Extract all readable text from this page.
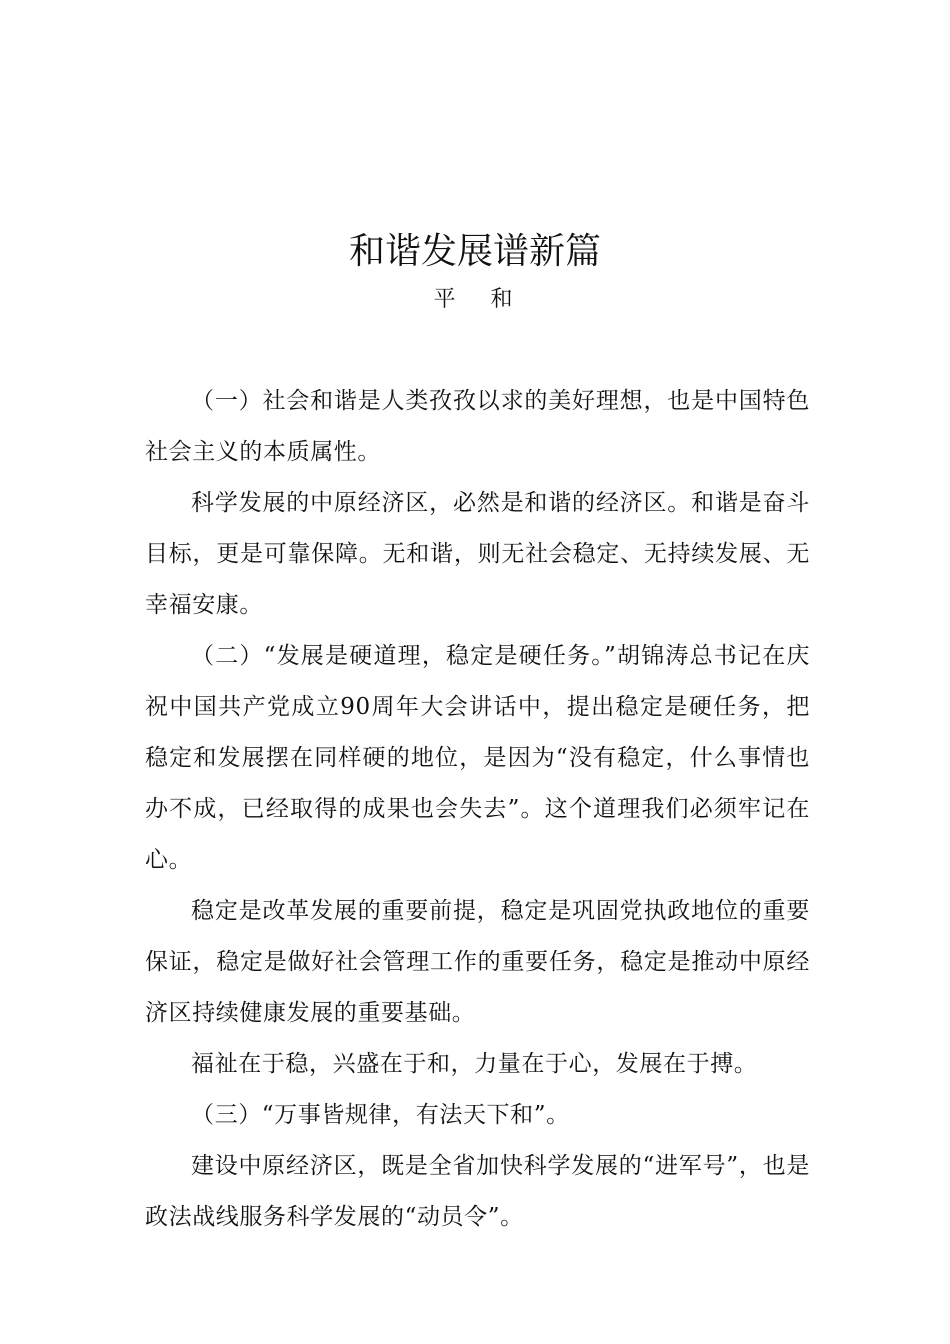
和谐发展谱新篇
平 和

（一）社会和谐是人类孜孜以求的美好理想，也是中国特色社会主义的本质属性。

科学发展的中原经济区，必然是和谐的经济区。和谐是奋斗目标，更是可靠保障。无和谐，则无社会稳定、无持续发展、无幸福安康。

（二）“发展是硬道理，稳定是硬任务。”胡锦涛总书记在庆祝中国共产党成立90周年大会讲话中，提出稳定是硬任务，把稳定和发展摆在同样硬的地位，是因为“没有稳定，什么事情也办不成，已经取得的成果也会失去”。这个道理我们必须牢记在心。

稳定是改革发展的重要前提，稳定是巩固党执政地位的重要保证，稳定是做好社会管理工作的重要任务，稳定是推动中原经济区持续健康发展的重要基础。

福祉在于稳，兴盛在于和，力量在于心，发展在于搏。

（三）“万事皆规律，有法天下和”。

建设中原经济区，既是全省加快科学发展的“进军号”，也是政法战线服务科学发展的“动员令”。
